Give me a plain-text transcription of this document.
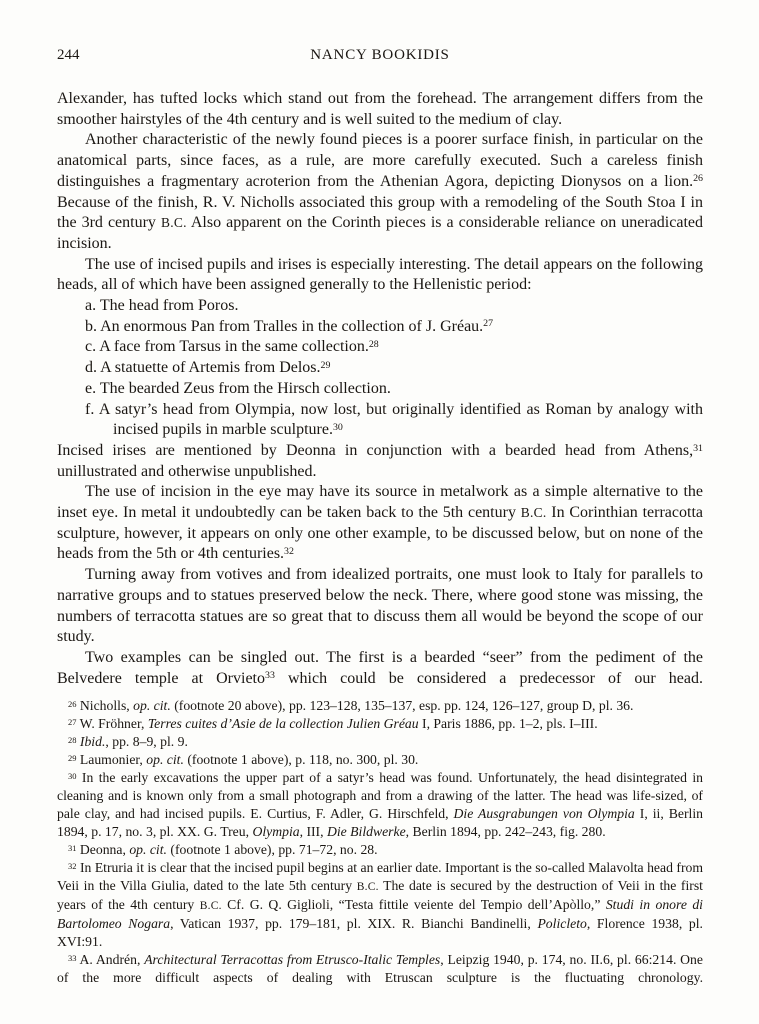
244	NANCY BOOKIDIS

Alexander, has tufted locks which stand out from the forehead. The arrangement differs from the smoother hairstyles of the 4th century and is well suited to the medium of clay.

Another characteristic of the newly found pieces is a poorer surface finish, in particular on the anatomical parts, since faces, as a rule, are more carefully executed. Such a careless finish distinguishes a fragmentary acroterion from the Athenian Agora, depicting Dionysos on a lion.$^{26}$ Because of the finish, R. V. Nicholls associated this group with a remodeling of the South Stoa I in the 3rd century B.C. Also apparent on the Corinth pieces is a considerable reliance on uneradicated incision.

The use of incised pupils and irises is especially interesting. The detail appears on the following heads, all of which have been assigned generally to the Hellenistic period:

a. The head from Poros.

b. An enormous Pan from Tralles in the collection of J. Gréau.$^{27}$

c. A face from Tarsus in the same collection.$^{28}$

d. A statuette of Artemis from Delos.$^{29}$

e. The bearded Zeus from the Hirsch collection.

f. A satyr’s head from Olympia, now lost, but originally identified as Roman by analogy with incised pupils in marble sculpture.$^{30}$

Incised irises are mentioned by Deonna in conjunction with a bearded head from Athens,$^{31}$ unillustrated and otherwise unpublished.

The use of incision in the eye may have its source in metalwork as a simple alternative to the inset eye. In metal it undoubtedly can be taken back to the 5th century B.C. In Corinthian terracotta sculpture, however, it appears on only one other example, to be discussed below, but on none of the heads from the 5th or 4th centuries.$^{32}$

Turning away from votives and from idealized portraits, one must look to Italy for parallels to narrative groups and to statues preserved below the neck. There, where good stone was missing, the numbers of terracotta statues are so great that to discuss them all would be beyond the scope of our study.

Two examples can be singled out. The first is a bearded “seer” from the pediment of the Belvedere temple at Orvieto$^{33}$ which could be considered a predecessor of our head.

$^{26}$ Nicholls, op. cit. (footnote 20 above), pp. 123–128, 135–137, esp. pp. 124, 126–127, group D, pl. 36.

$^{27}$ W. Fröhner, Terres cuites d’Asie de la collection Julien Gréau I, Paris 1886, pp. 1–2, pls. I–III.

$^{28}$ Ibid., pp. 8–9, pl. 9.

$^{29}$ Laumonier, op. cit. (footnote 1 above), p. 118, no. 300, pl. 30.

$^{30}$ In the early excavations the upper part of a satyr’s head was found. Unfortunately, the head disintegrated in cleaning and is known only from a small photograph and from a drawing of the latter. The head was life-sized, of pale clay, and had incised pupils. E. Curtius, F. Adler, G. Hirschfeld, Die Ausgrabungen von Olympia I, ii, Berlin 1894, p. 17, no. 3, pl. XX. G. Treu, Olympia, III, Die Bildwerke, Berlin 1894, pp. 242–243, fig. 280.

$^{31}$ Deonna, op. cit. (footnote 1 above), pp. 71–72, no. 28.

$^{32}$ In Etruria it is clear that the incised pupil begins at an earlier date. Important is the so-called Malavolta head from Veii in the Villa Giulia, dated to the late 5th century B.C. The date is secured by the destruction of Veii in the first years of the 4th century B.C. Cf. G. Q. Giglioli, “Testa fittile veiente del Tempio dell’Apòllo,” Studi in onore di Bartolomeo Nogara, Vatican 1937, pp. 179–181, pl. XIX. R. Bianchi Bandinelli, Policleto, Florence 1938, pl. XVI:91.

$^{33}$ A. Andrén, Architectural Terracottas from Etrusco-Italic Temples, Leipzig 1940, p. 174, no. II.6, pl. 66:214. One of the more difficult aspects of dealing with Etruscan sculpture is the fluctuating chronology.
